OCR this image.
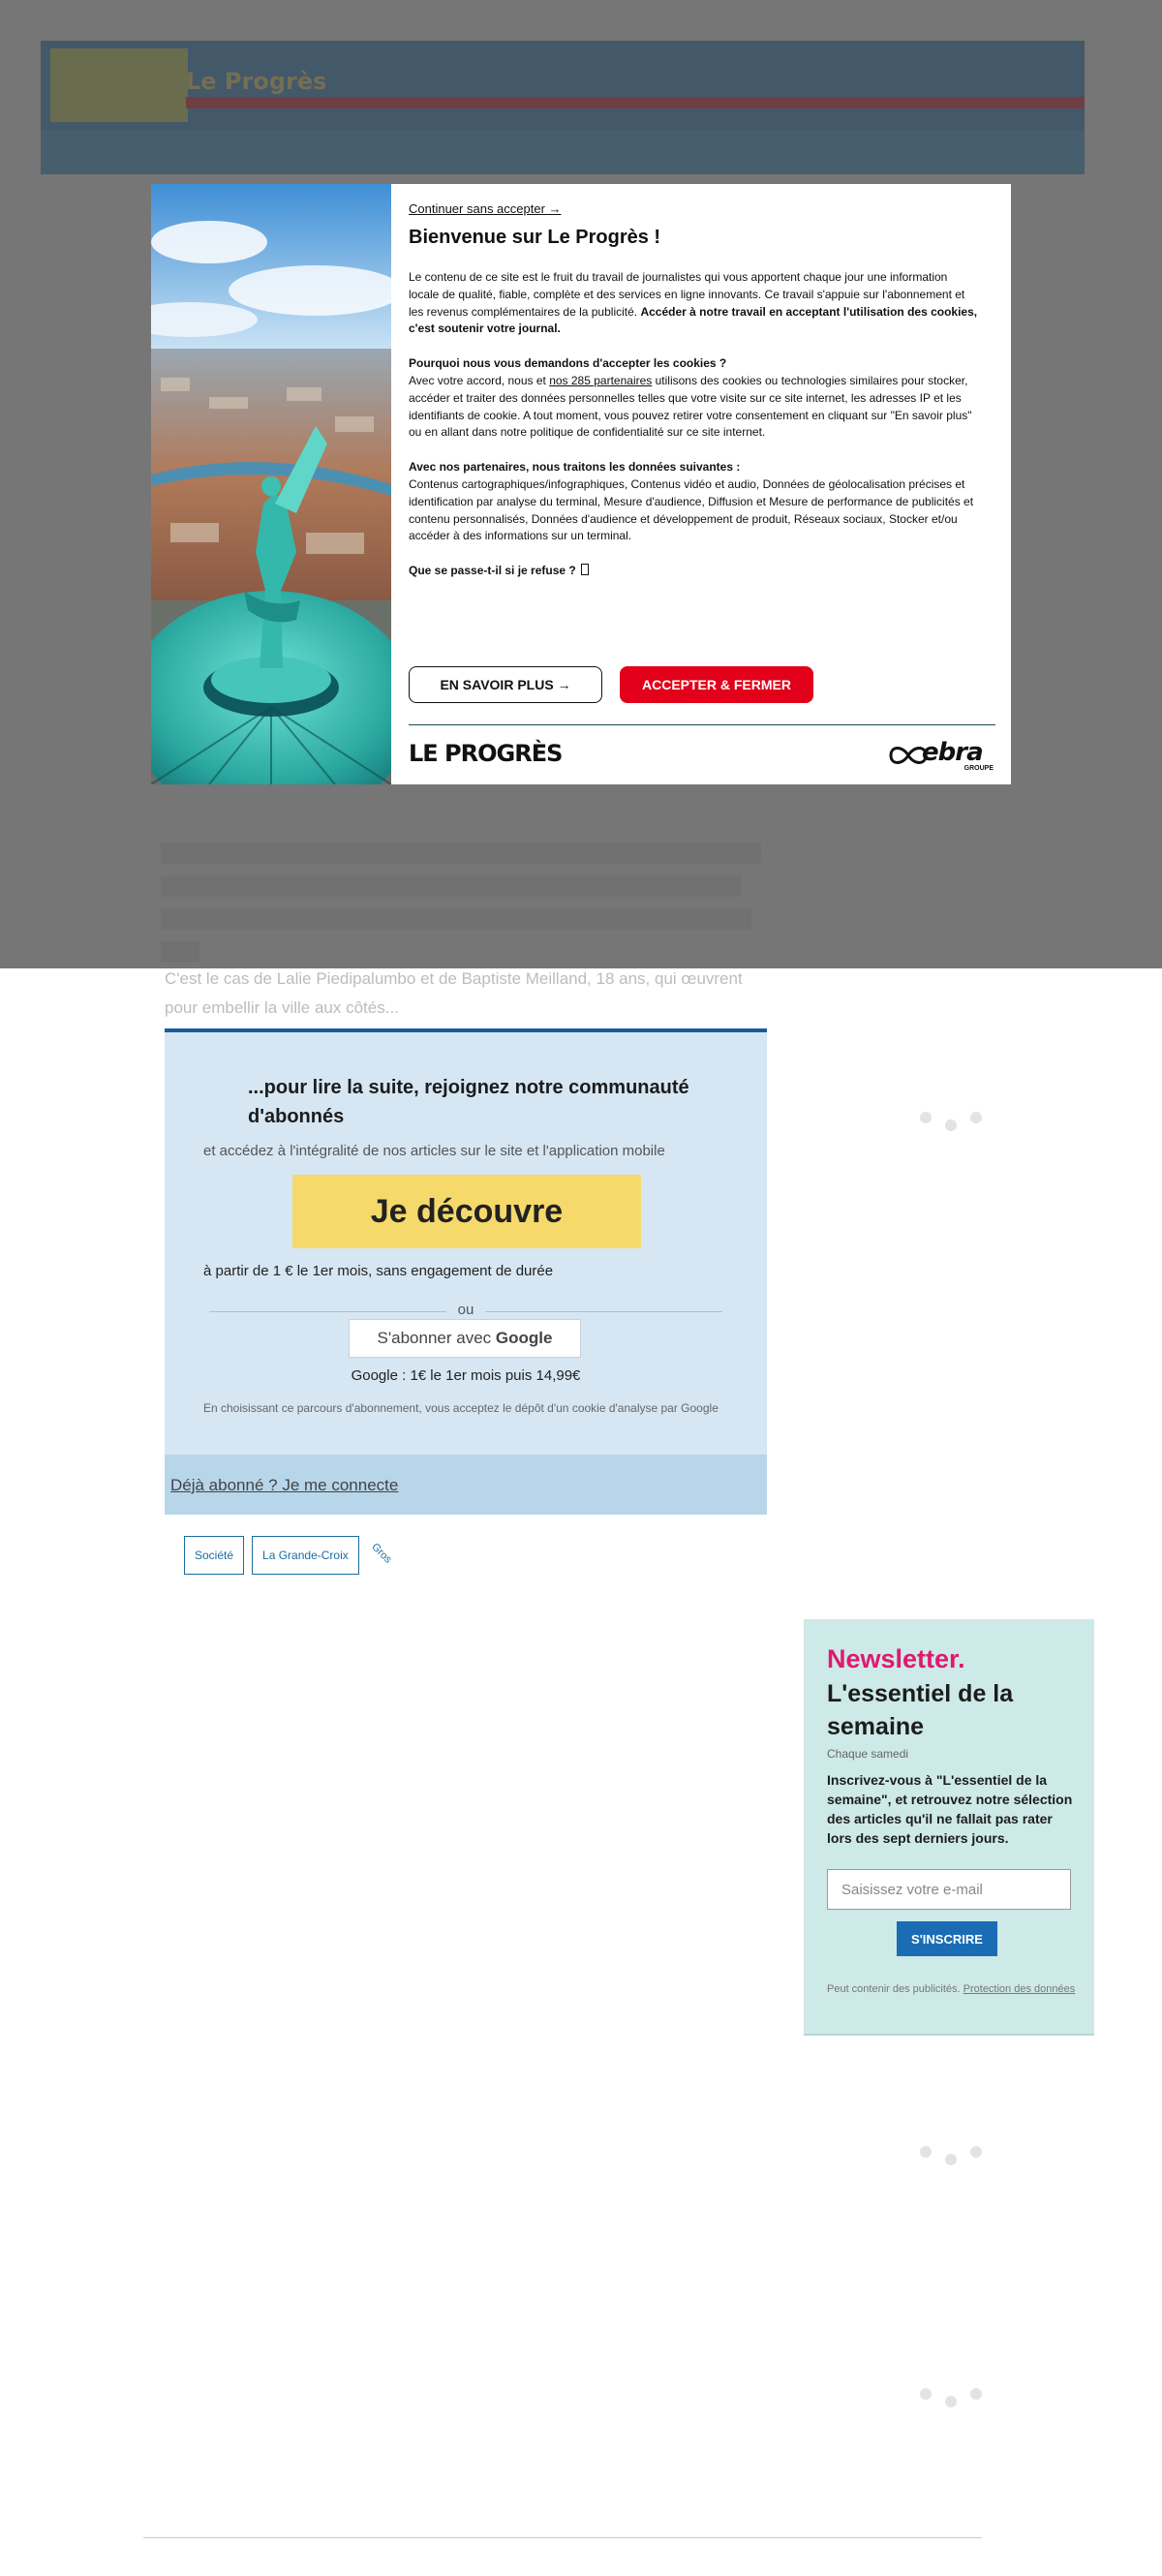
C'est le cas de Lalie Piedipalumbo et de Baptiste Meilland, 18 ans, qui œuvrent pour embellir la ville aux côtés...
...pour lire la suite, rejoignez notre communauté d'abonnés
et accédez à l'intégralité de nos articles sur le site et l'application mobile
Je découvre
à partir de 1 € le 1er mois, sans engagement de durée
ou
S'abonner avec Google
Google : 1€ le 1er mois puis 14,99€
En choisissant ce parcours d'abonnement, vous acceptez le dépôt d'un cookie d'analyse par Google
Déjà abonné ? Je me connecte
Société	La Grande-Croix	Gros
Newsletter.
L'essentiel de la semaine
Chaque samedi
Inscrivez-vous à "L'essentiel de la semaine", et retrouvez notre sélection des articles qu'il ne fallait pas rater lors des sept derniers jours.
Saisissez votre e-mail
S'INSCRIRE
Peut contenir des publicités. Protection des données
Continuer sans accepter →
Bienvenue sur Le Progrès !

Le contenu de ce site est le fruit du travail de journalistes qui vous apportent chaque jour une information locale de qualité, fiable, complète et des services en ligne innovants. Ce travail s'appuie sur l'abonnement et les revenus complémentaires de la publicité. Accéder à notre travail en acceptant l'utilisation des cookies, c'est soutenir votre journal.

Pourquoi nous vous demandons d'accepter les cookies ?
Avec votre accord, nous et nos 285 partenaires utilisons des cookies ou technologies similaires pour stocker, accéder et traiter des données personnelles telles que votre visite sur ce site internet, les adresses IP et les identifiants de cookie. A tout moment, vous pouvez retirer votre consentement en cliquant sur "En savoir plus" ou en allant dans notre politique de confidentialité sur ce site internet.

Avec nos partenaires, nous traitons les données suivantes :
Contenus cartographiques/infographiques, Contenus vidéo et audio, Données de géolocalisation précises et identification par analyse du terminal, Mesure d'audience, Diffusion et Mesure de performance de publicités et contenu personnalisés, Données d'audience et développement de produit, Réseaux sociaux, Stocker et/ou accéder à des informations sur un terminal.

Que se passe-t-il si je refuse ?

EN SAVOIR PLUS →	ACCEPTER & FERMER
LE PROGRÈS	ebra
GROUPE
